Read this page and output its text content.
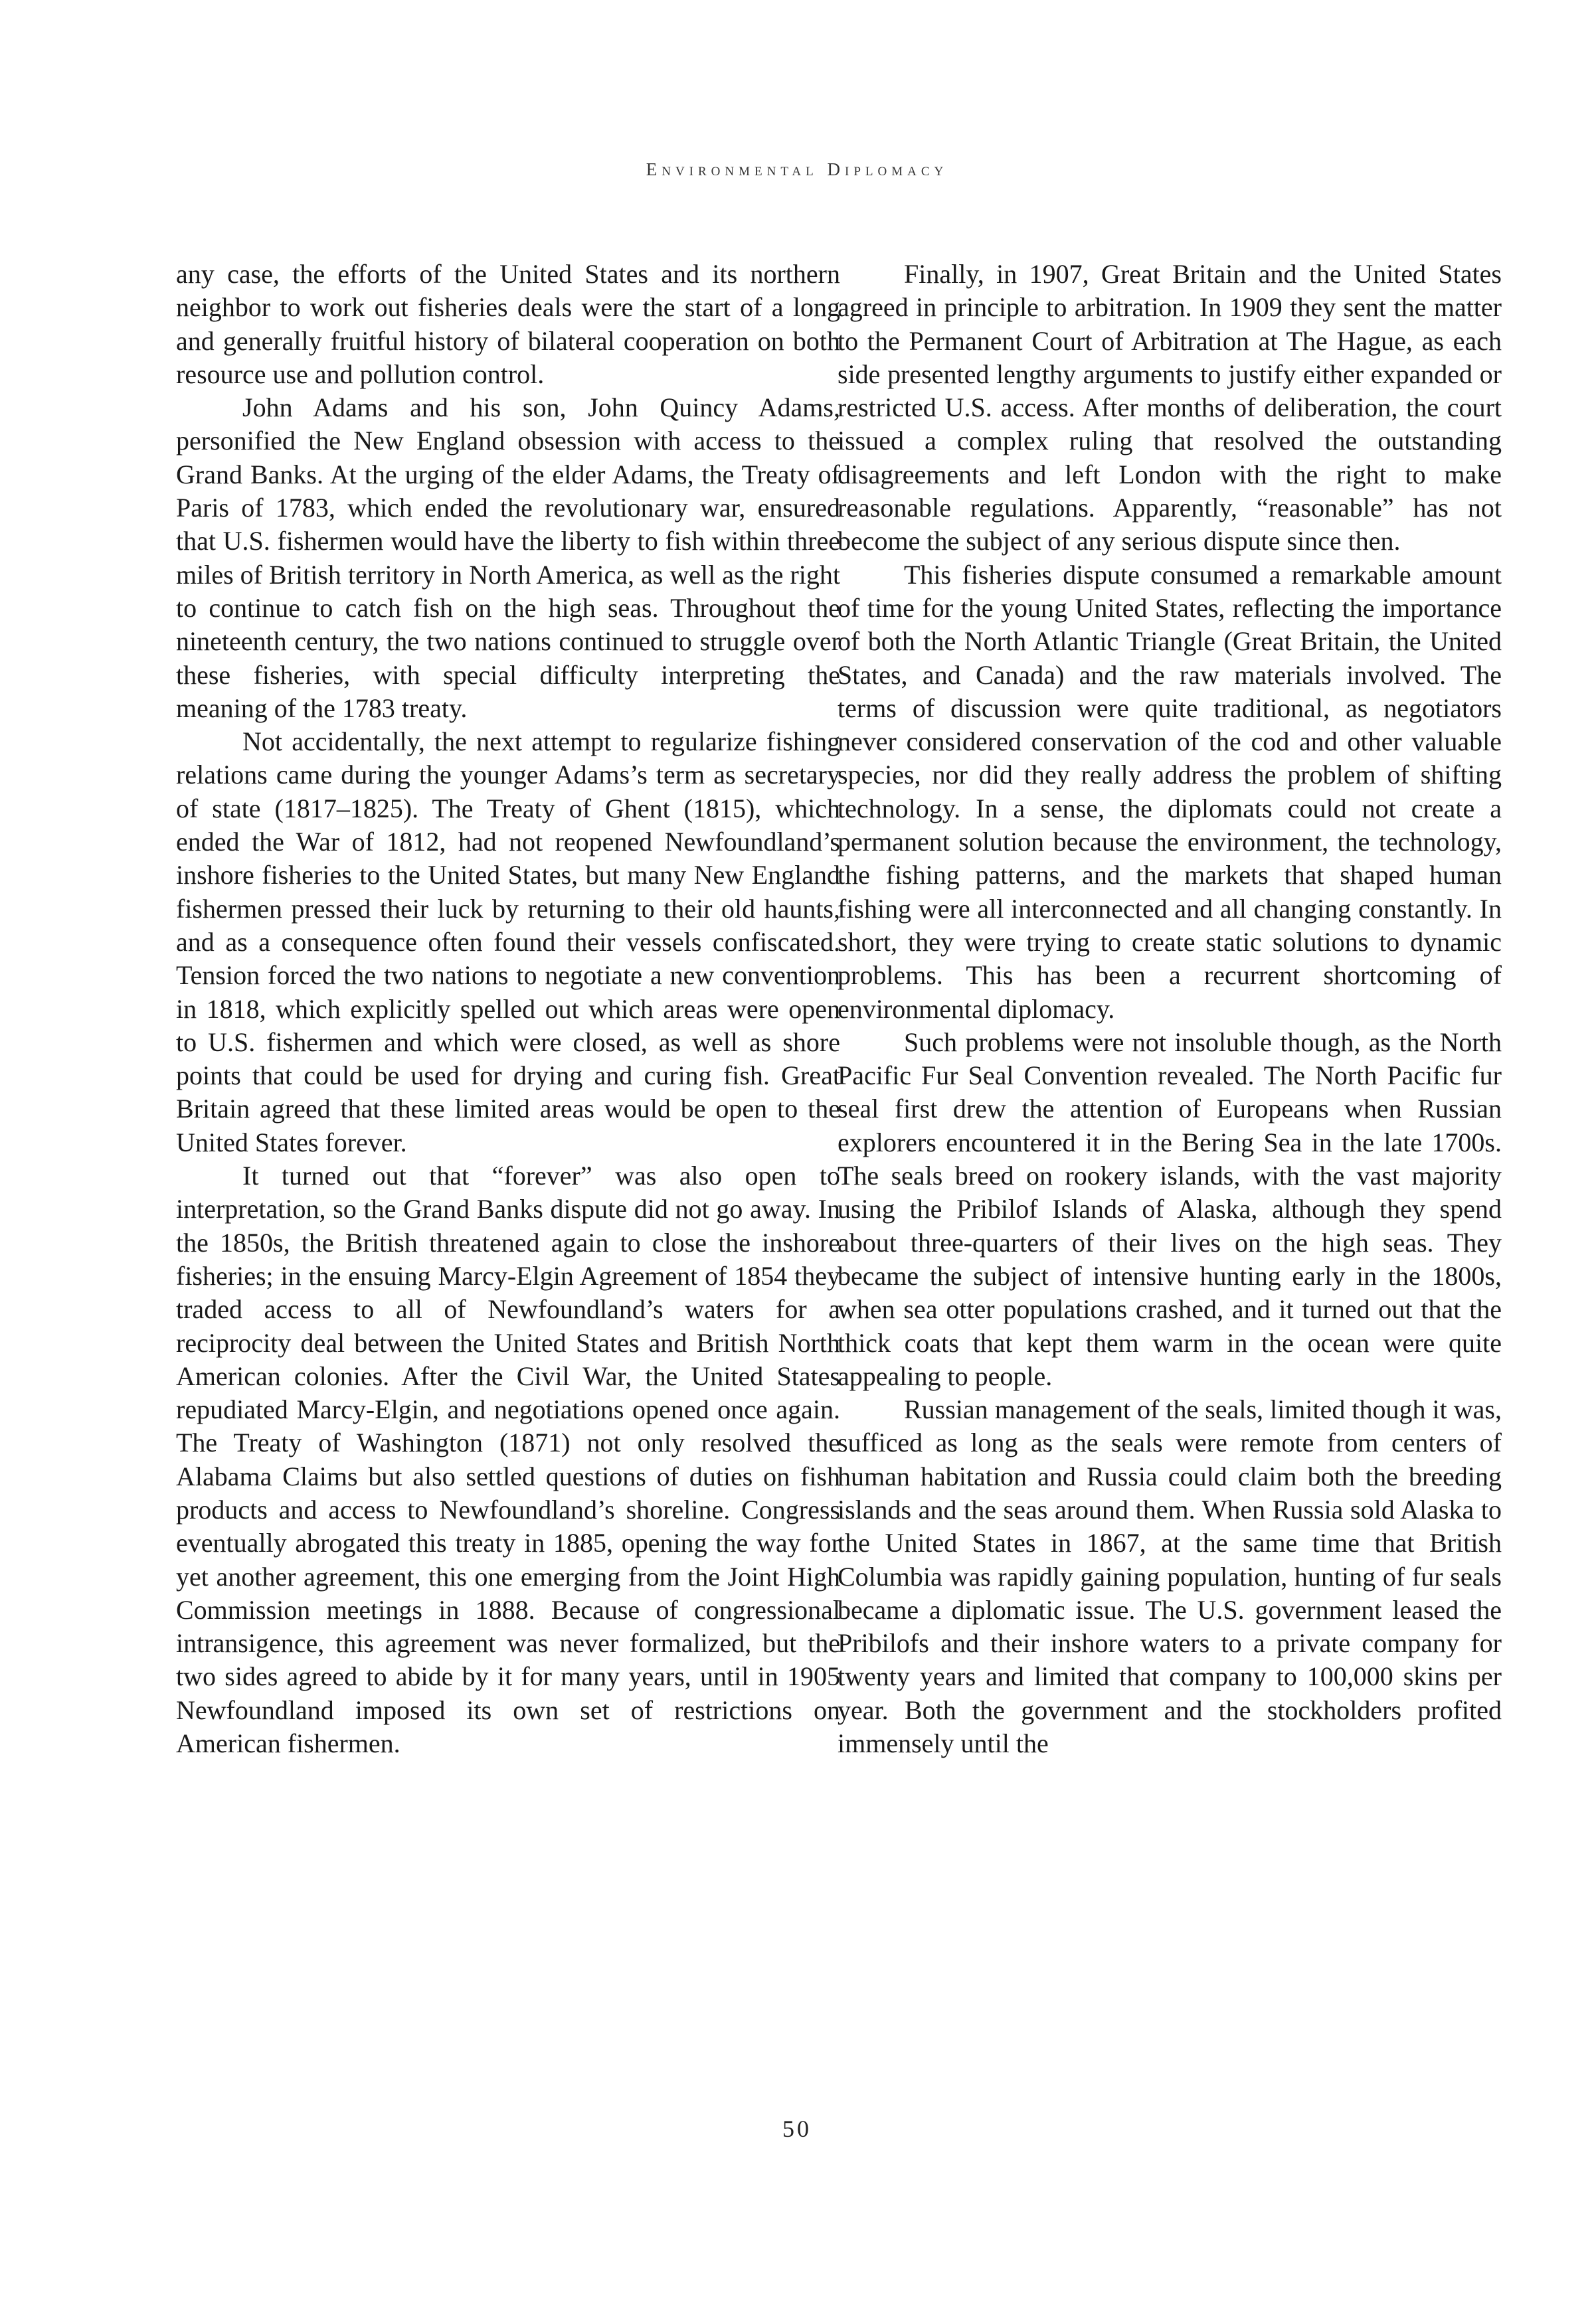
Environmental Diplomacy

any case, the efforts of the United States and its northern neighbor to work out fisheries deals were the start of a long and generally fruitful history of bilateral cooperation on both resource use and pollution control.

John Adams and his son, John Quincy Adams, personified the New England obsession with access to the Grand Banks. At the urging of the elder Adams, the Treaty of Paris of 1783, which ended the revolutionary war, ensured that U.S. fishermen would have the liberty to fish within three miles of British territory in North America, as well as the right to continue to catch fish on the high seas. Throughout the nineteenth century, the two nations continued to struggle over these fisheries, with special difficulty interpreting the meaning of the 1783 treaty.

Not accidentally, the next attempt to regularize fishing relations came during the younger Adams’s term as secretary of state (1817–1825). The Treaty of Ghent (1815), which ended the War of 1812, had not reopened Newfoundland’s inshore fisheries to the United States, but many New England fishermen pressed their luck by returning to their old haunts, and as a consequence often found their vessels confiscated. Tension forced the two nations to negotiate a new convention in 1818, which explicitly spelled out which areas were open to U.S. fishermen and which were closed, as well as shore points that could be used for drying and curing fish. Great Britain agreed that these limited areas would be open to the United States forever.

It turned out that “forever” was also open to interpretation, so the Grand Banks dispute did not go away. In the 1850s, the British threatened again to close the inshore fisheries; in the ensuing Marcy-Elgin Agreement of 1854 they traded access to all of Newfoundland’s waters for a reciprocity deal between the United States and British North American colonies. After the Civil War, the United States repudiated Marcy-Elgin, and negotiations opened once again. The Treaty of Washington (1871) not only resolved the Alabama Claims but also settled questions of duties on fish products and access to Newfoundland’s shoreline. Congress eventually abrogated this treaty in 1885, opening the way for yet another agreement, this one emerging from the Joint High Commission meetings in 1888. Because of congressional intransigence, this agreement was never formalized, but the two sides agreed to abide by it for many years, until in 1905 Newfoundland imposed its own set of restrictions on American fishermen.

Finally, in 1907, Great Britain and the United States agreed in principle to arbitration. In 1909 they sent the matter to the Permanent Court of Arbitration at The Hague, as each side presented lengthy arguments to justify either expanded or restricted U.S. access. After months of deliberation, the court issued a complex ruling that resolved the outstanding disagreements and left London with the right to make reasonable regulations. Apparently, “reasonable” has not become the subject of any serious dispute since then.

This fisheries dispute consumed a remarkable amount of time for the young United States, reflecting the importance of both the North Atlantic Triangle (Great Britain, the United States, and Canada) and the raw materials involved. The terms of discussion were quite traditional, as negotiators never considered conservation of the cod and other valuable species, nor did they really address the problem of shifting technology. In a sense, the diplomats could not create a permanent solution because the environment, the technology, the fishing patterns, and the markets that shaped human fishing were all interconnected and all changing constantly. In short, they were trying to create static solutions to dynamic problems. This has been a recurrent shortcoming of environmental diplomacy.

Such problems were not insoluble though, as the North Pacific Fur Seal Convention revealed. The North Pacific fur seal first drew the attention of Europeans when Russian explorers encountered it in the Bering Sea in the late 1700s. The seals breed on rookery islands, with the vast majority using the Pribilof Islands of Alaska, although they spend about three-quarters of their lives on the high seas. They became the subject of intensive hunting early in the 1800s, when sea otter populations crashed, and it turned out that the thick coats that kept them warm in the ocean were quite appealing to people.

Russian management of the seals, limited though it was, sufficed as long as the seals were remote from centers of human habitation and Russia could claim both the breeding islands and the seas around them. When Russia sold Alaska to the United States in 1867, at the same time that British Columbia was rapidly gaining population, hunting of fur seals became a diplomatic issue. The U.S. government leased the Pribilofs and their inshore waters to a private company for twenty years and limited that company to 100,000 skins per year. Both the government and the stockholders profited immensely until the

50
